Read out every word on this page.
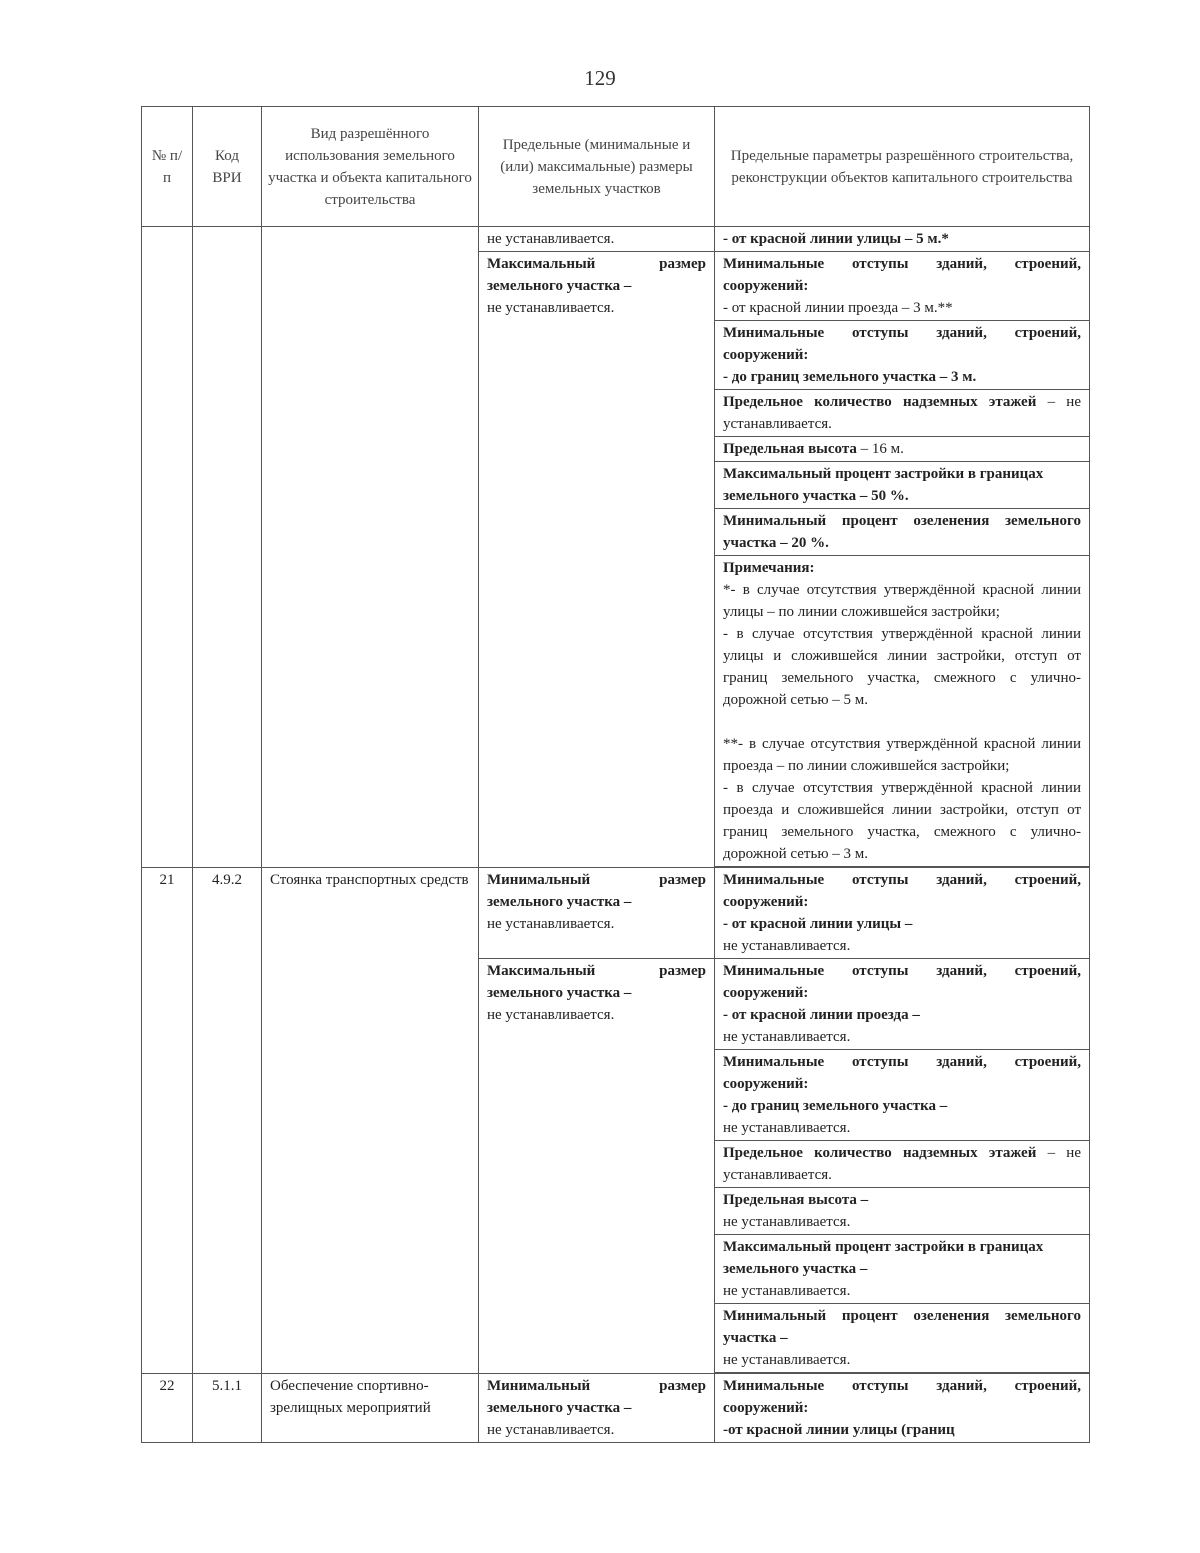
129
№ п/п	Код ВРИ	Вид разрешённого использования земельного участка и объекта капитального строительства	Предельные (минимальные и (или) максимальные) размеры земельных участков	Предельные параметры разрешённого строительства, реконструкции объектов капитального строительства
			не устанавливается.	- от красной линии улицы – 5 м.*
			Максимальный размер земельного участка –
не устанавливается.	Минимальные отступы зданий, строений, сооружений:
- от красной линии проезда – 3 м.**
				Минимальные отступы зданий, строений, сооружений:
- до границ земельного участка – 3 м.
				Предельное количество надземных этажей – не устанавливается.
				Предельная высота – 16 м.
				Максимальный процент застройки в границах земельного участка – 50 %.
				Минимальный процент озеленения земельного участка – 20 %.

				Примечания:

*- в случае отсутствия утверждённой красной линии улицы – по линии сложившейся застройки;

- в случае отсутствия утверждённой красной линии улицы и сложившейся линии застройки, отступ от границ земельного участка, смежного с улично-дорожной сетью – 5 м.

**- в случае отсутствия утверждённой красной линии проезда – по линии сложившейся застройки;

- в случае отсутствия утверждённой красной линии проезда и сложившейся линии застройки, отступ от границ земельного участка, смежного с улично-дорожной сетью – 3 м.

21	4.9.2	Стоянка транспортных средств	Минимальный размер земельного участка –
не устанавливается.	Минимальные отступы зданий, строений, сооружений:
- от красной линии улицы –
не устанавливается.
			Максимальный размер земельного участка –
не устанавливается.	Минимальные отступы зданий, строений, сооружений:
- от красной линии проезда –
не устанавливается.
				Минимальные отступы зданий, строений, сооружений:
- до границ земельного участка –
не устанавливается.
				Предельное количество надземных этажей – не устанавливается.
				Предельная высота –
не устанавливается.
				Максимальный процент застройки в границах земельного участка –
не устанавливается.
				Минимальный процент озеленения земельного участка –
не устанавливается.

22	5.1.1	Обеспечение спортивно-зрелищных мероприятий	Минимальный размер земельного участка –
не устанавливается.	Минимальные отступы зданий, строений, сооружений:
-от красной линии улицы (границ
